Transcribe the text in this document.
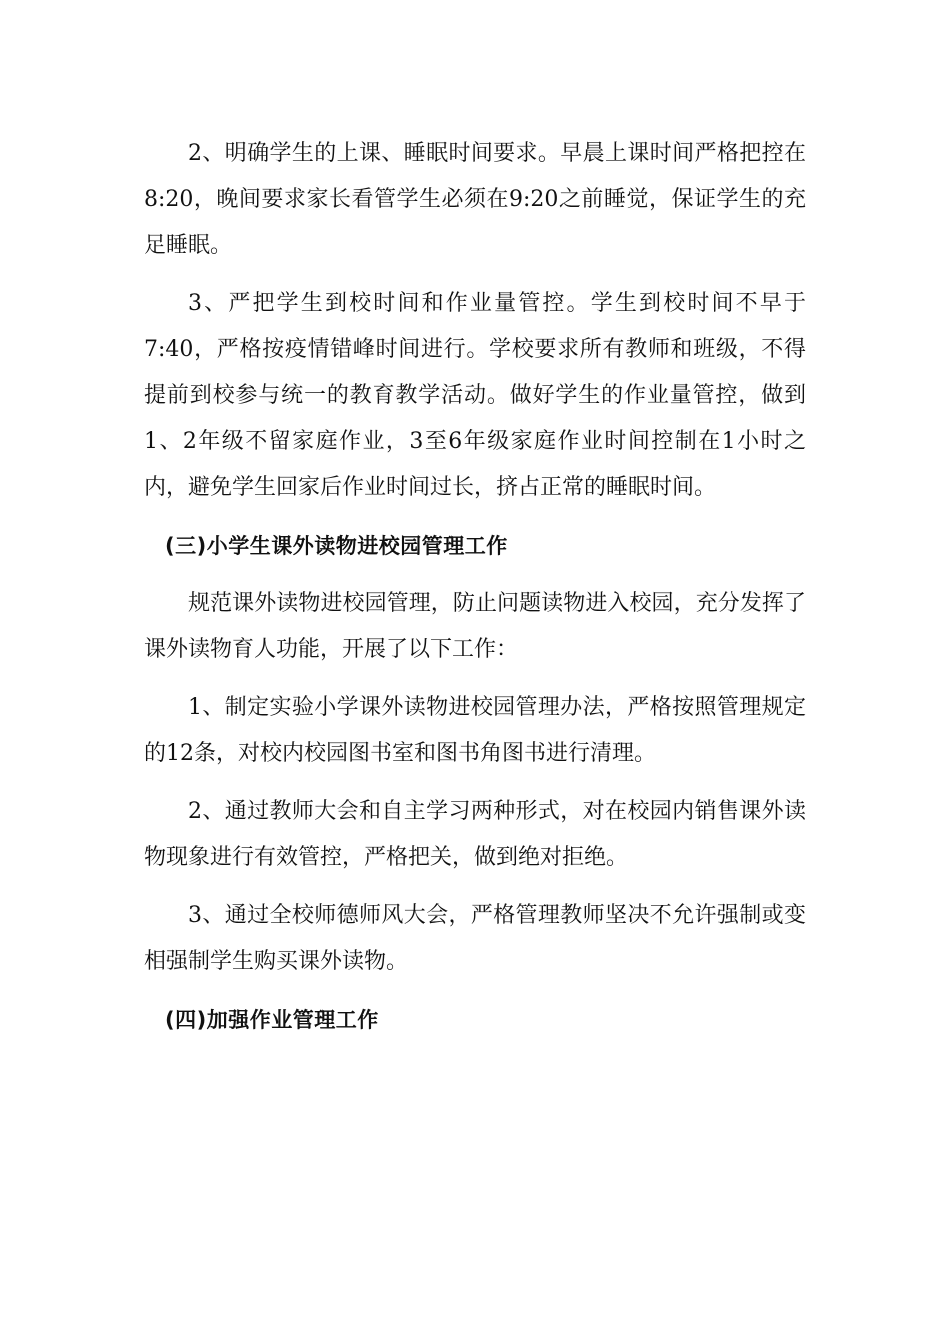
2、明确学生的上课、睡眠时间要求。早晨上课时间严格把控在8:20，晚间要求家长看管学生必须在9:20之前睡觉，保证学生的充足睡眠。

3、严把学生到校时间和作业量管控。学生到校时间不早于7:40，严格按疫情错峰时间进行。学校要求所有教师和班级，不得提前到校参与统一的教育教学活动。做好学生的作业量管控，做到1、2年级不留家庭作业，3至6年级家庭作业时间控制在1小时之内，避免学生回家后作业时间过长，挤占正常的睡眠时间。

(三)小学生课外读物进校园管理工作

规范课外读物进校园管理，防止问题读物进入校园，充分发挥了课外读物育人功能，开展了以下工作：

1、制定实验小学课外读物进校园管理办法，严格按照管理规定的12条，对校内校园图书室和图书角图书进行清理。

2、通过教师大会和自主学习两种形式，对在校园内销售课外读物现象进行有效管控，严格把关，做到绝对拒绝。

3、通过全校师德师风大会，严格管理教师坚决不允许强制或变相强制学生购买课外读物。

(四)加强作业管理工作
